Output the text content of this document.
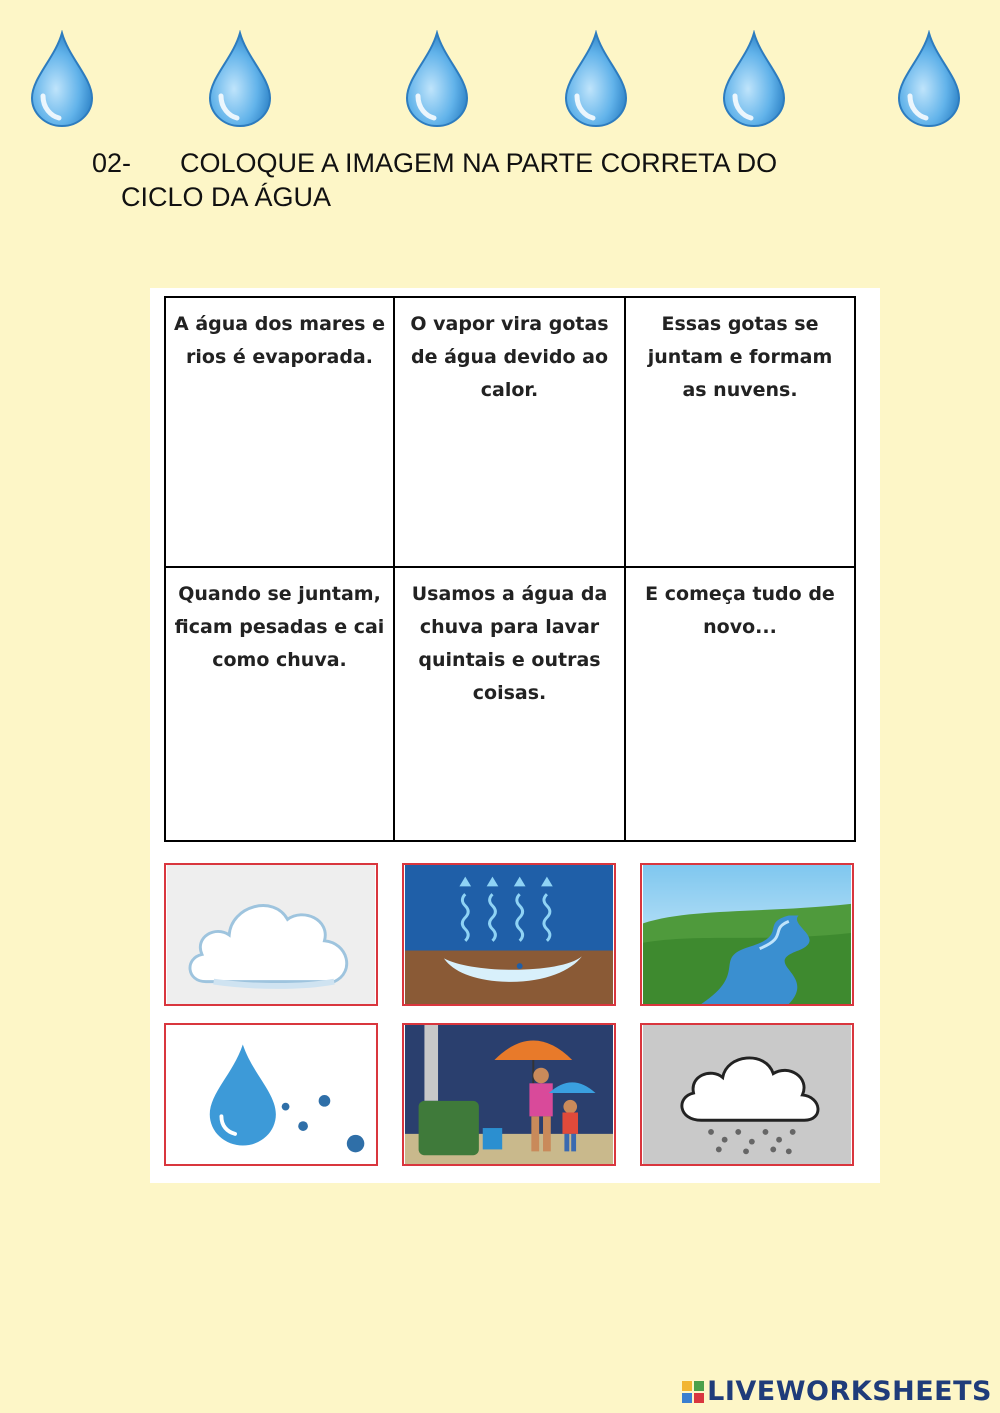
02- COLOQUE A IMAGEM NA PARTE CORRETA DO
CICLO DA ÁGUA
A água dos mares e rios é evaporada.
O vapor vira gotas de água devido ao calor.
Essas gotas se juntam e formam as nuvens.
Quando se juntam, ficam pesadas e cai como chuva.
Usamos a água da chuva para lavar quintais e outras coisas.
E começa tudo de novo...
LIVEWORKSHEETS
